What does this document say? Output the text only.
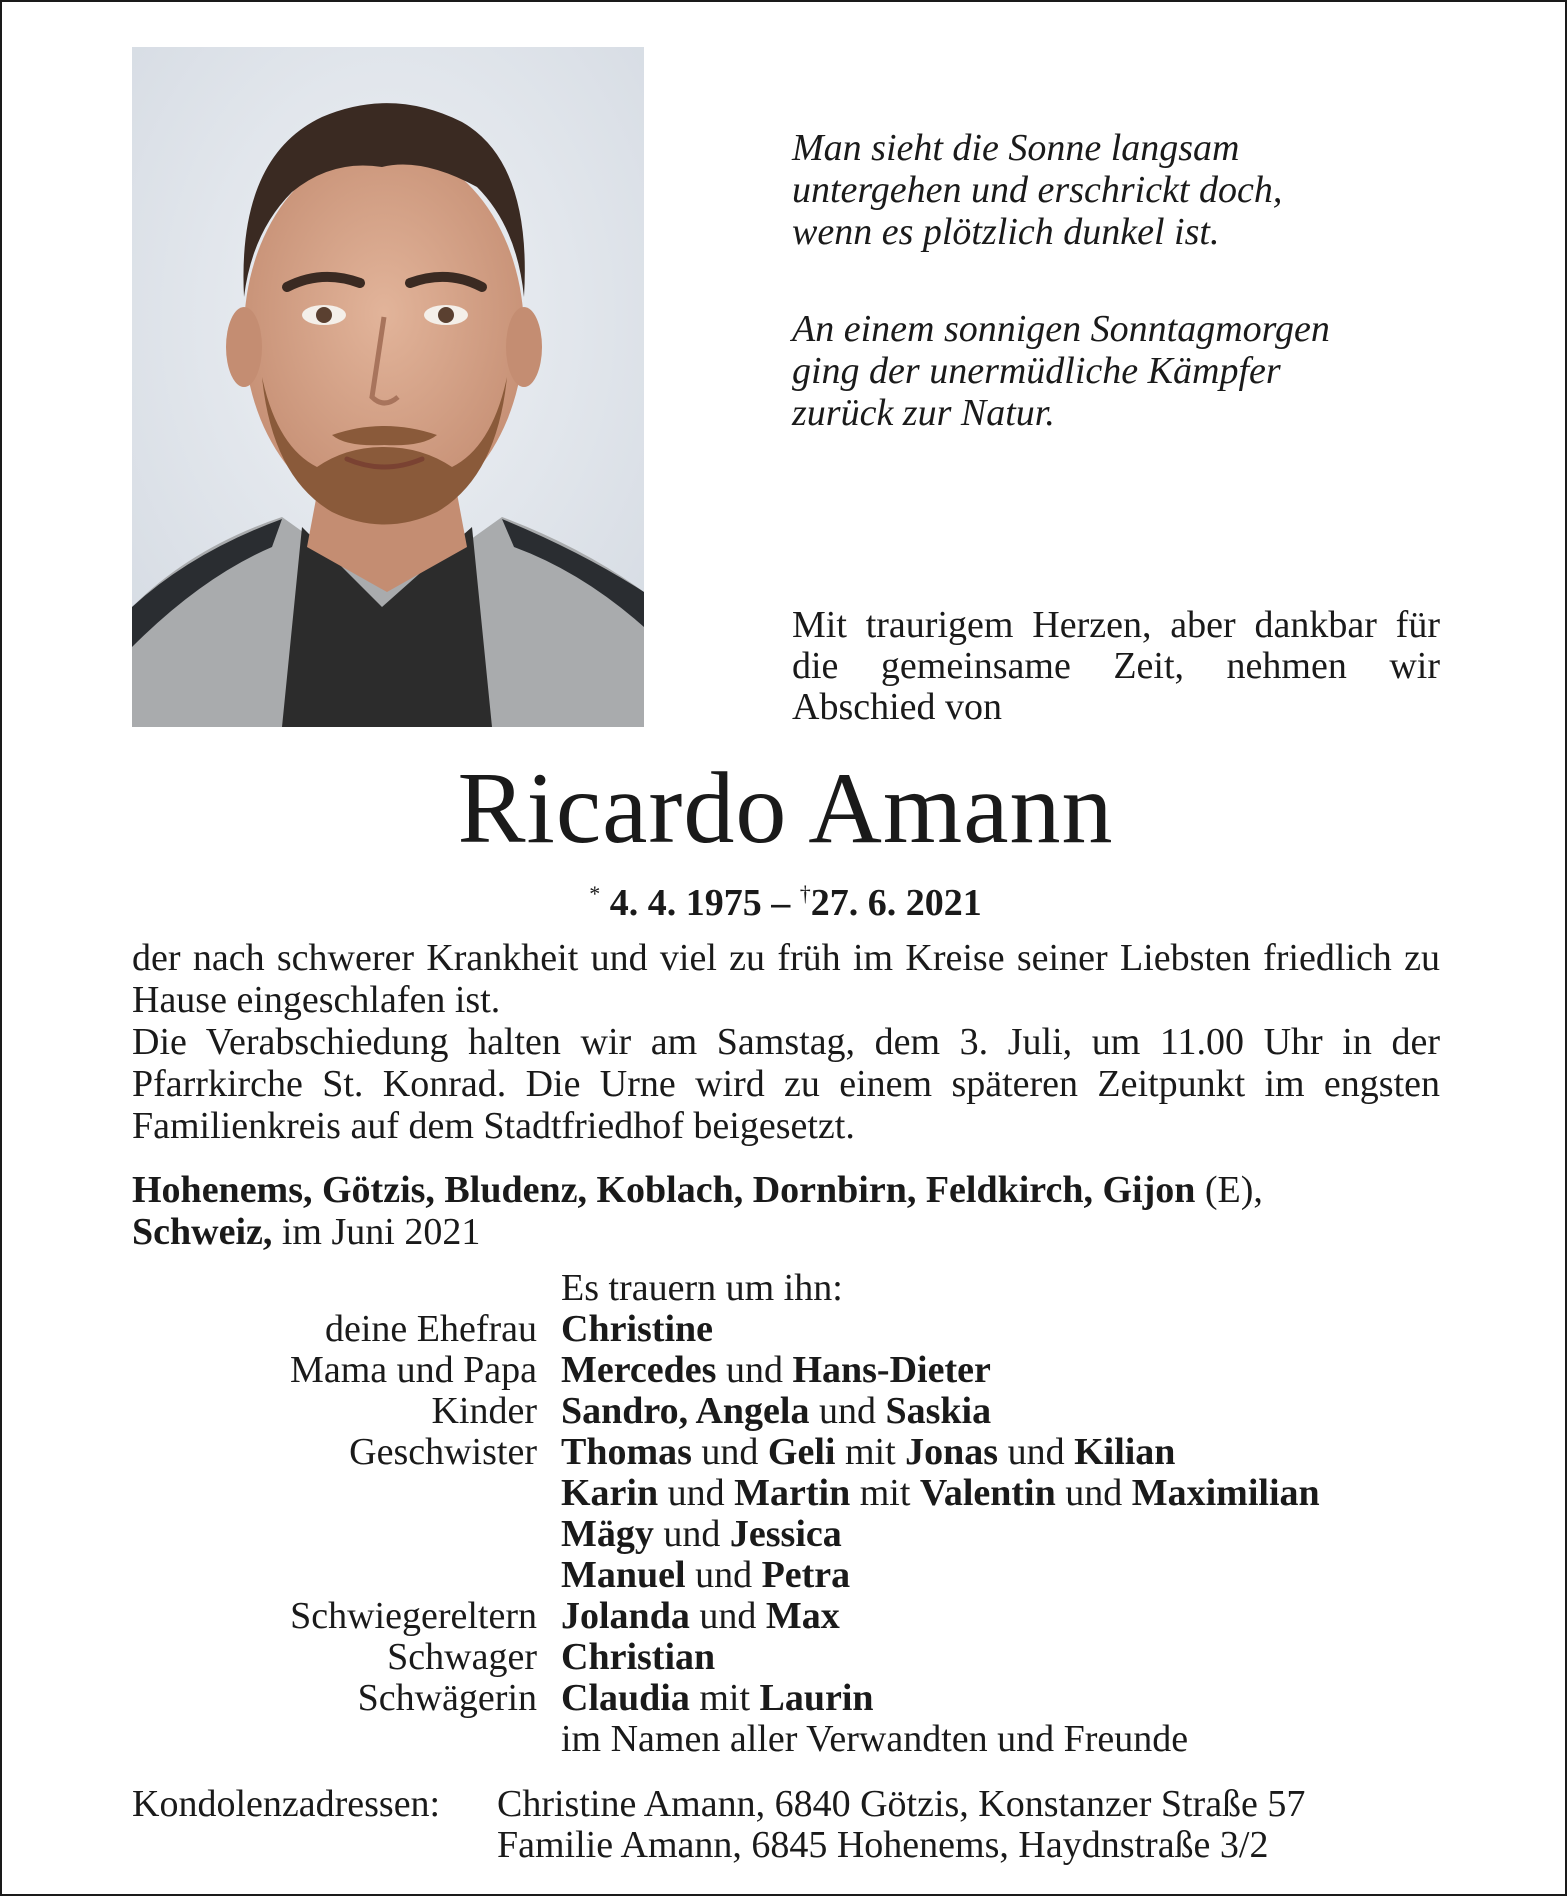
Man sieht die Sonne langsam
untergehen und erschrickt doch,
wenn es plötzlich dunkel ist.
An einem sonnigen Sonntagmorgen
ging der unermüdliche Kämpfer
zurück zur Natur.
Mit traurigem Herzen, aber dankbar für die gemeinsame Zeit, nehmen wir Abschied von
Ricardo Amann
* 4. 4. 1975 – †27. 6. 2021

der nach schwerer Krankheit und viel zu früh im Kreise seiner Liebsten friedlich zu Hause eingeschlafen ist.

Die Verabschiedung halten wir am Samstag, dem 3. Juli, um 11.00 Uhr in der Pfarrkirche St. Konrad. Die Urne wird zu einem späteren Zeitpunkt im engsten Familienkreis auf dem Stadtfriedhof beigesetzt.

Hohenems, Götzis, Bludenz, Koblach, Dornbirn, Feldkirch, Gijon (E),
Schweiz, im Juni 2021
Es trauern um ihn:
deine Ehefrau Christine
Mama und Papa Mercedes und Hans-Dieter
Kinder Sandro, Angela und Saskia
Geschwister Thomas und Geli mit Jonas und Kilian
Karin und Martin mit Valentin und Maximilian
Mägy und Jessica
Manuel und Petra
Schwiegereltern Jolanda und Max
Schwager Christian
Schwägerin Claudia mit Laurin
im Namen aller Verwandten und Freunde
Kondolenzadressen:	Christine Amann, 6840 Götzis, Konstanzer Straße 57
Familie Amann, 6845 Hohenems, Haydnstraße 3/2
